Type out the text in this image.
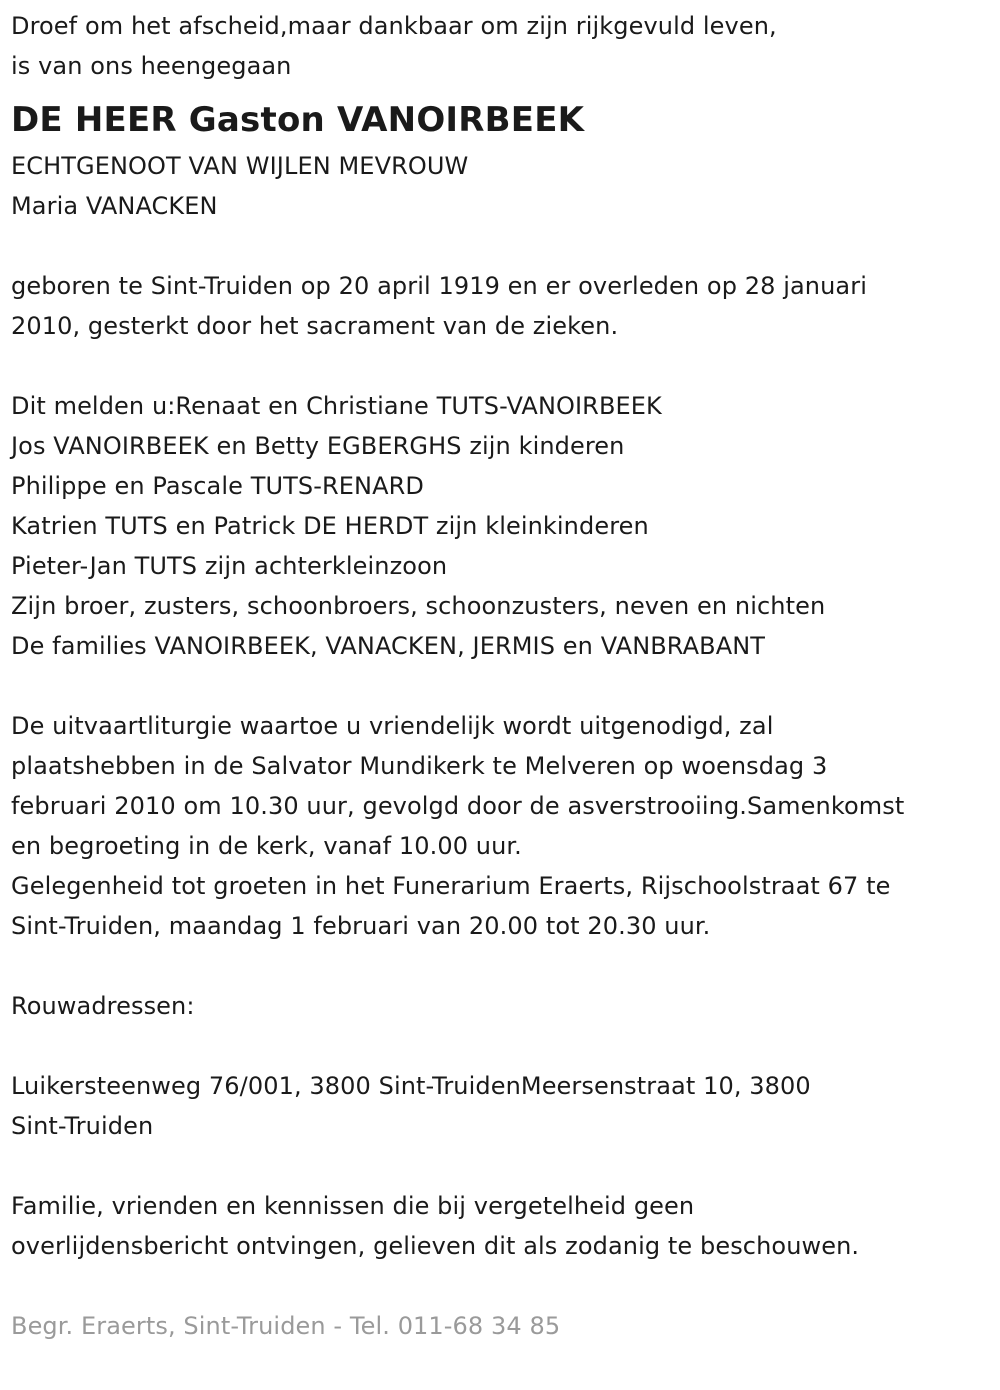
Droef om het afscheid,maar dankbaar om zijn rijkgevuld leven,

is van ons heengegaan

DE HEER Gaston VANOIRBEEK

ECHTGENOOT VAN WIJLEN MEVROUW

Maria VANACKEN

geboren te Sint-Truiden op 20 april 1919 en er overleden op 28 januari

2010, gesterkt door het sacrament van de zieken.

Dit melden u:Renaat en Christiane TUTS-VANOIRBEEK

Jos VANOIRBEEK en Betty EGBERGHS zijn kinderen

Philippe en Pascale TUTS-RENARD

Katrien TUTS en Patrick DE HERDT zijn kleinkinderen

Pieter-Jan TUTS zijn achterkleinzoon

Zijn broer, zusters, schoonbroers, schoonzusters, neven en nichten

De families VANOIRBEEK, VANACKEN, JERMIS en VANBRABANT

De uitvaartliturgie waartoe u vriendelijk wordt uitgenodigd, zal

plaatshebben in de Salvator Mundikerk te Melveren op woensdag 3

februari 2010 om 10.30 uur, gevolgd door de asverstrooiing.Samenkomst

en begroeting in de kerk, vanaf 10.00 uur.

Gelegenheid tot groeten in het Funerarium Eraerts, Rijschoolstraat 67 te

Sint-Truiden, maandag 1 februari van 20.00 tot 20.30 uur.

Rouwadressen:

Luikersteenweg 76/001, 3800 Sint-TruidenMeersenstraat 10, 3800

Sint-Truiden

Familie, vrienden en kennissen die bij vergetelheid geen

overlijdensbericht ontvingen, gelieven dit als zodanig te beschouwen.

Begr. Eraerts, Sint-Truiden - Tel. 011-68 34 85
